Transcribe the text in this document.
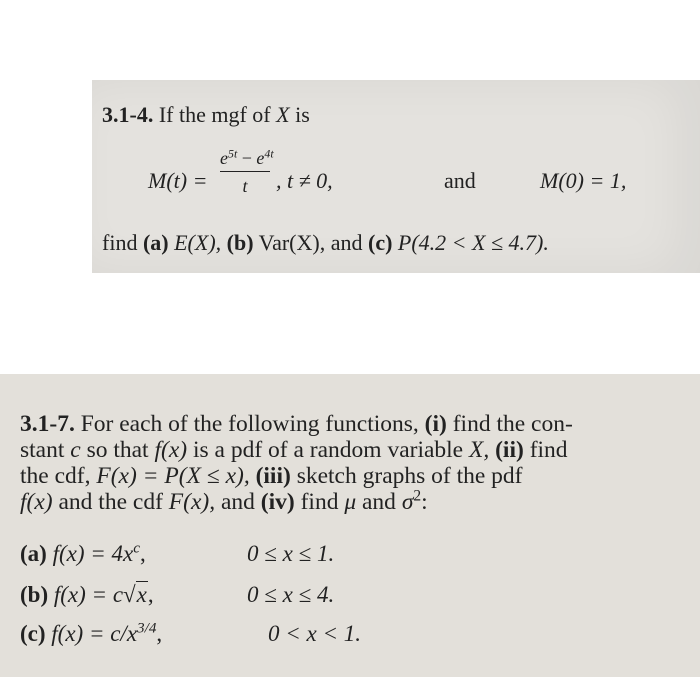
3.1-4. If the mgf of X is
M(t) =
$e^{5t} - e^{4t}$
t	, t ≠ 0,	and	M(0) = 1,
find (a) E(X), (b) Var(X), and (c) P(4.2 < X ≤ 4.7).
3.1-7. For each of the following functions, (i) find the con-
stant c so that f(x) is a pdf of a random variable X, (ii) find
the cdf, F(x) = P(X ≤ x), (iii) sketch graphs of the pdf
f(x) and the cdf F(x), and (iv) find μ and $\sigma^2$:
(a) $f(x) = 4x^c$,	0 ≤ x ≤ 1.
(b) f(x) = c√x,	0 ≤ x ≤ 4.
(c) $f(x) = c/x^{3/4}$,	0 < x < 1.
